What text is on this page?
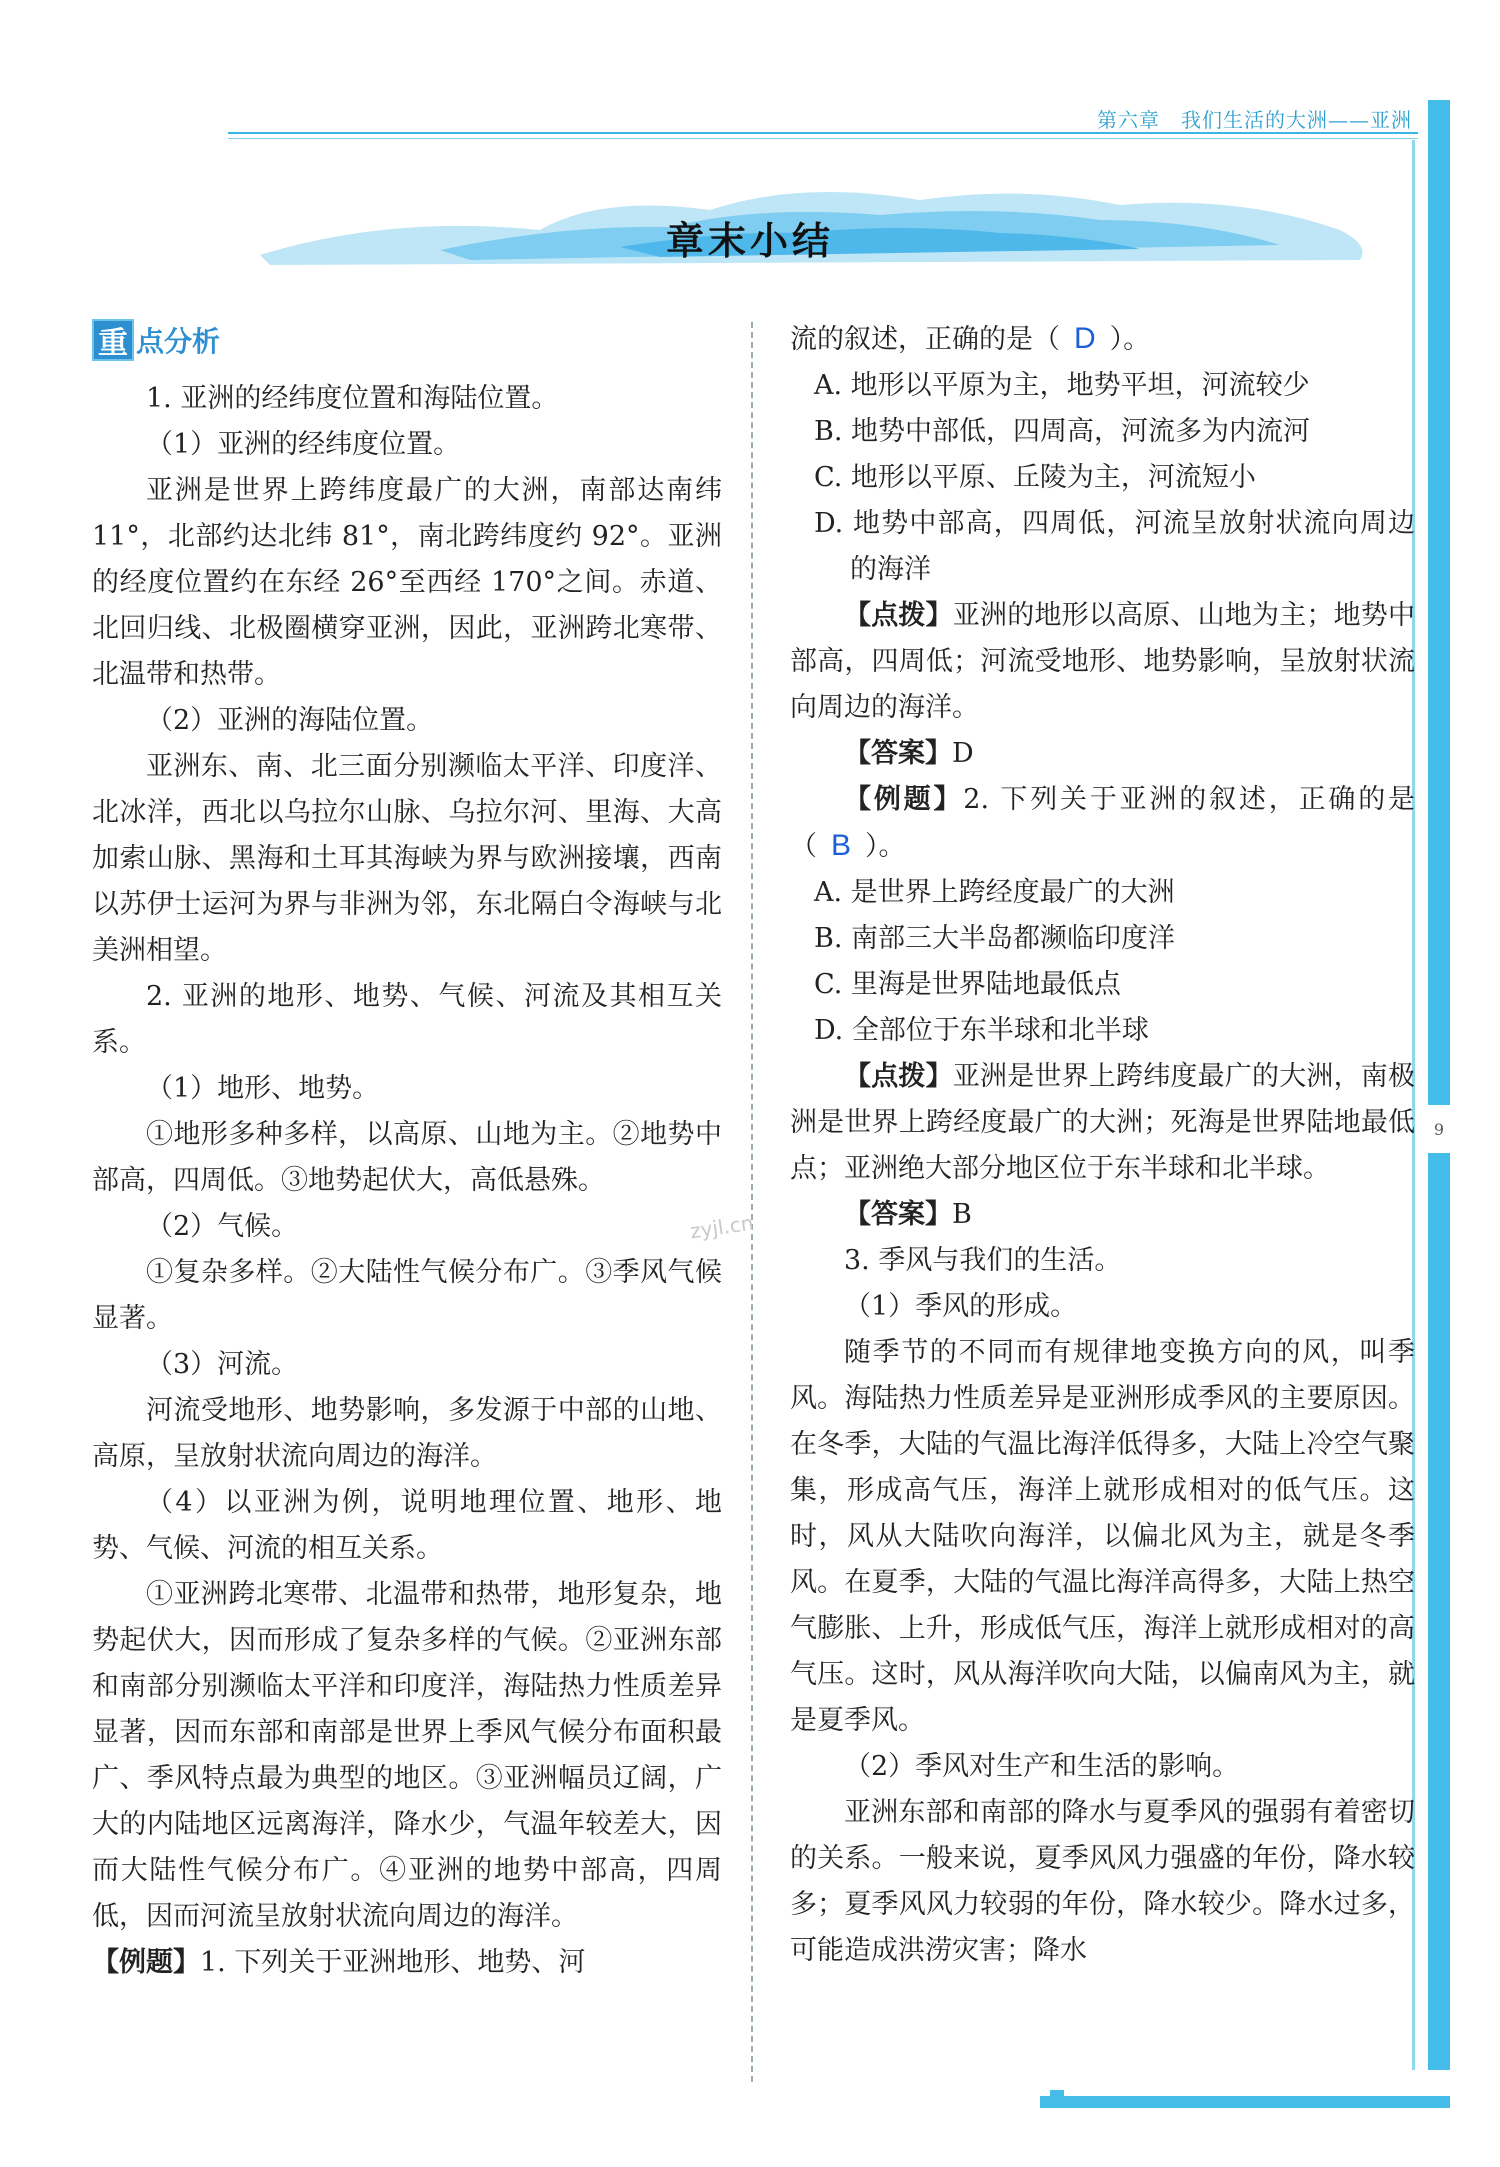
第六章　我们生活的大洲——亚洲
9
章末小结
重 点分析

1. 亚洲的经纬度位置和海陆位置。

（1）亚洲的经纬度位置。

亚洲是世界上跨纬度最广的大洲，南部达南纬 11°，北部约达北纬 81°，南北跨纬度约 92°。亚洲的经度位置约在东经 26°至西经 170°之间。赤道、北回归线、北极圈横穿亚洲，因此，亚洲跨北寒带、北温带和热带。

（2）亚洲的海陆位置。

亚洲东、南、北三面分别濒临太平洋、印度洋、北冰洋，西北以乌拉尔山脉、乌拉尔河、里海、大高加索山脉、黑海和土耳其海峡为界与欧洲接壤，西南以苏伊士运河为界与非洲为邻，东北隔白令海峡与北美洲相望。

2. 亚洲的地形、地势、气候、河流及其相互关系。

（1）地形、地势。

①地形多种多样，以高原、山地为主。②地势中部高，四周低。③地势起伏大，高低悬殊。

（2）气候。

①复杂多样。②大陆性气候分布广。③季风气候显著。

（3）河流。

河流受地形、地势影响，多发源于中部的山地、高原，呈放射状流向周边的海洋。

（4）以亚洲为例，说明地理位置、地形、地势、气候、河流的相互关系。

①亚洲跨北寒带、北温带和热带，地形复杂，地势起伏大，因而形成了复杂多样的气候。②亚洲东部和南部分别濒临太平洋和印度洋，海陆热力性质差异显著，因而东部和南部是世界上季风气候分布面积最广、季风特点最为典型的地区。③亚洲幅员辽阔，广大的内陆地区远离海洋，降水少，气温年较差大，因而大陆性气候分布广。④亚洲的地势中部高，四周低，因而河流呈放射状流向周边的海洋。

【例题】1. 下列关于亚洲地形、地势、河

流的叙述，正确的是（ D ）。

A. 地形以平原为主，地势平坦，河流较少

B. 地势中部低，四周高，河流多为内流河

C. 地形以平原、丘陵为主，河流短小

D. 地势中部高，四周低，河流呈放射状流向周边的海洋

【点拨】亚洲的地形以高原、山地为主；地势中部高，四周低；河流受地形、地势影响，呈放射状流向周边的海洋。

【答案】D

【例题】2. 下列关于亚洲的叙述，正确的是（ B ）。

A. 是世界上跨经度最广的大洲

B. 南部三大半岛都濒临印度洋

C. 里海是世界陆地最低点

D. 全部位于东半球和北半球

【点拨】亚洲是世界上跨纬度最广的大洲，南极洲是世界上跨经度最广的大洲；死海是世界陆地最低点；亚洲绝大部分地区位于东半球和北半球。

【答案】B

3. 季风与我们的生活。

（1）季风的形成。

随季节的不同而有规律地变换方向的风，叫季风。海陆热力性质差异是亚洲形成季风的主要原因。在冬季，大陆的气温比海洋低得多，大陆上冷空气聚集，形成高气压，海洋上就形成相对的低气压。这时，风从大陆吹向海洋，以偏北风为主，就是冬季风。在夏季，大陆的气温比海洋高得多，大陆上热空气膨胀、上升，形成低气压，海洋上就形成相对的高气压。这时，风从海洋吹向大陆，以偏南风为主，就是夏季风。

（2）季风对生产和生活的影响。

亚洲东部和南部的降水与夏季风的强弱有着密切的关系。一般来说，夏季风风力强盛的年份，降水较多；夏季风风力较弱的年份，降水较少。降水过多，可能造成洪涝灾害；降水

zyjl.cn
